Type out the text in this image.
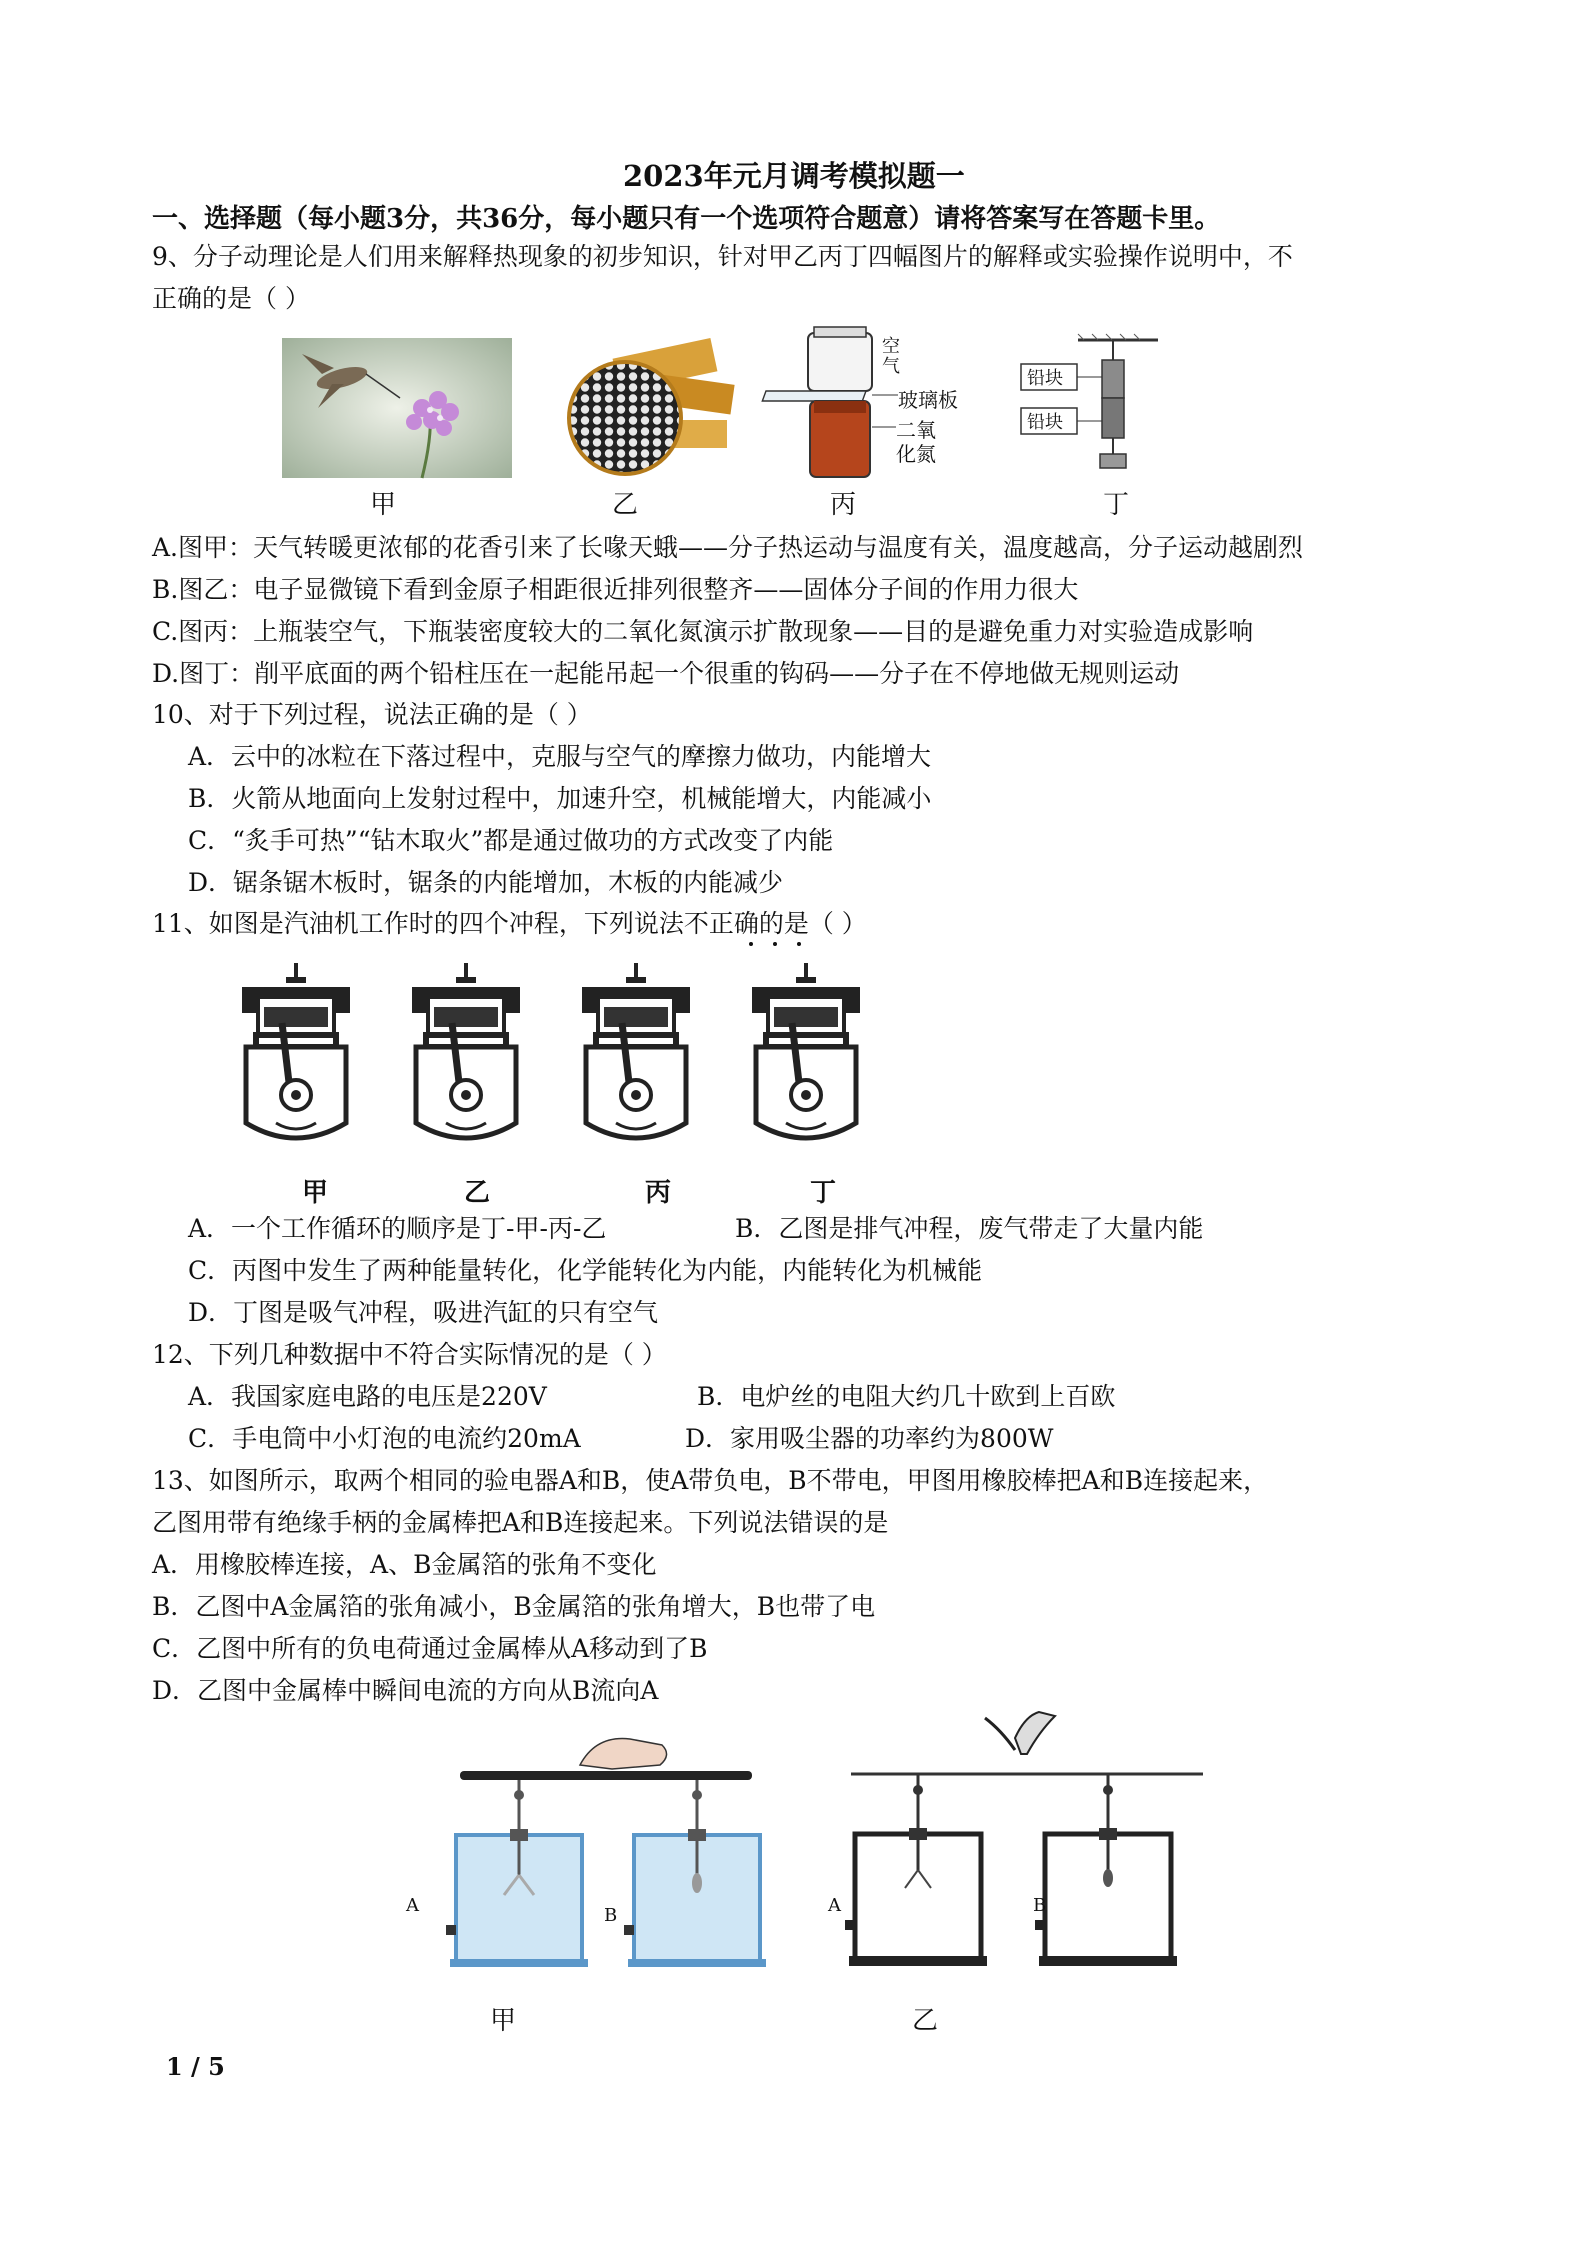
2023年元月调考模拟题一
一、选择题（每小题3分，共36分，每小题只有一个选项符合题意）请将答案写在答题卡里。
9、分子动理论是人们用来解释热现象的初步知识，针对甲乙丙丁四幅图片的解释或实验操作说明中，不
正确的是（ ）
甲	乙
空气
玻璃板
二氧化氮
丙
铅块
铅块
丁
A.图甲：天气转暖更浓郁的花香引来了长喙天蛾——分子热运动与温度有关，温度越高，分子运动越剧烈
B.图乙：电子显微镜下看到金原子相距很近排列很整齐——固体分子间的作用力很大
C.图丙：上瓶装空气，下瓶装密度较大的二氧化氮演示扩散现象——目的是避免重力对实验造成影响
D.图丁：削平底面的两个铅柱压在一起能吊起一个很重的钩码——分子在不停地做无规则运动
10、对于下列过程，说法正确的是（ ）
A．云中的冰粒在下落过程中，克服与空气的摩擦力做功，内能增大
B．火箭从地面向上发射过程中，加速升空，机械能增大，内能减小
C．“炙手可热”“钻木取火”都是通过做功的方式改变了内能
D．锯条锯木板时，锯条的内能增加，木板的内能减少
11、如图是汽油机工作时的四个冲程，下列说法不正确的是（ ）
甲	乙	丙	丁
A．一个工作循环的顺序是丁-甲-丙-乙	B．乙图是排气冲程，废气带走了大量内能
C．丙图中发生了两种能量转化，化学能转化为内能，内能转化为机械能
D．丁图是吸气冲程，吸进汽缸的只有空气
12、下列几种数据中不符合实际情况的是（ ）
A．我国家庭电路的电压是220V	B．电炉丝的电阻大约几十欧到上百欧
C．手电筒中小灯泡的电流约20mA	D．家用吸尘器的功率约为800W
13、如图所示，取两个相同的验电器A和B，使A带负电，B不带电，甲图用橡胶棒把A和B连接起来，
乙图用带有绝缘手柄的金属棒把A和B连接起来。下列说法错误的是
A．用橡胶棒连接，A、B金属箔的张角不变化
B．乙图中A金属箔的张角减小，B金属箔的张角增大，B也带了电
C．乙图中所有的负电荷通过金属棒从A移动到了B
D．乙图中金属棒中瞬间电流的方向从B流向A
A	B	A	B
甲	乙
1 / 5
